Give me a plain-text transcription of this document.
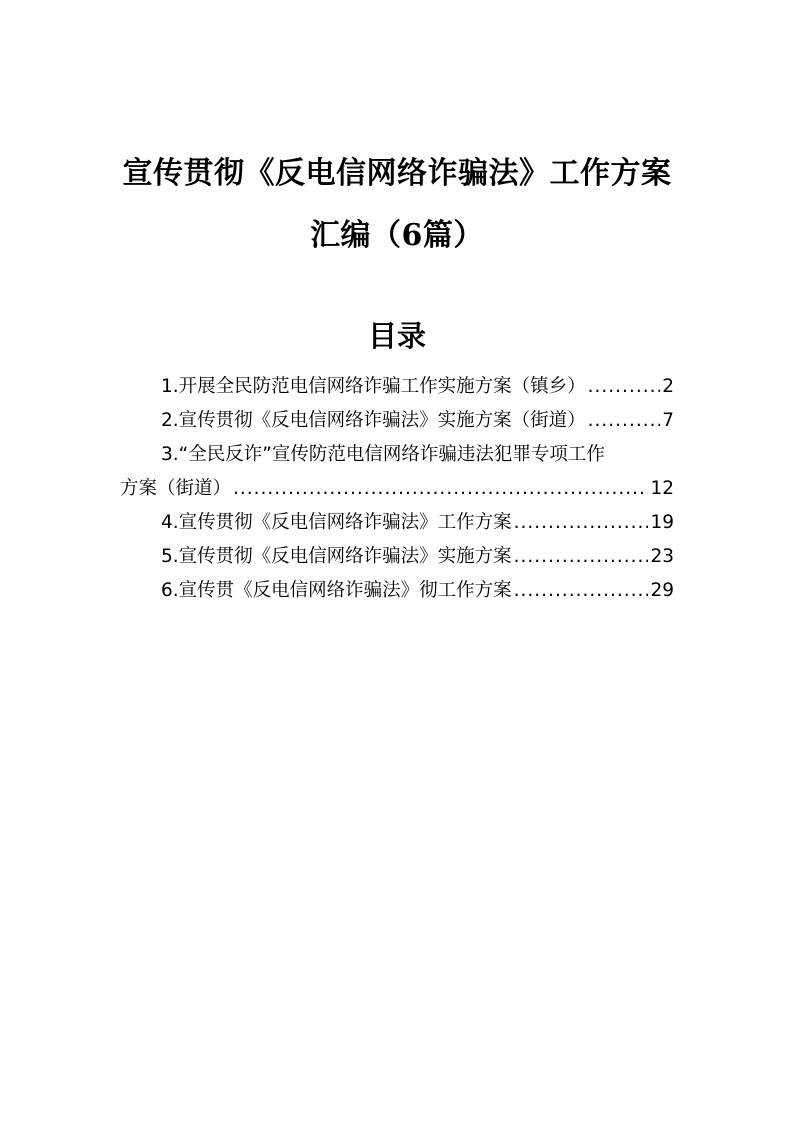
宣传贯彻《反电信网络诈骗法》工作方案
汇编（6篇）
目录
1.开展全民防范电信网络诈骗工作实施方案（镇乡） .....	2
2.宣传贯彻《反电信网络诈骗法》实施方案（街道） .....	7
3.“全民反诈”宣传防范电信网络诈骗违法犯罪专项工作
方案（街道） .....	12
4.宣传贯彻《反电信网络诈骗法》工作方案 .....	19
5.宣传贯彻《反电信网络诈骗法》实施方案 .....	23
6.宣传贯《反电信网络诈骗法》彻工作方案 .....	29
